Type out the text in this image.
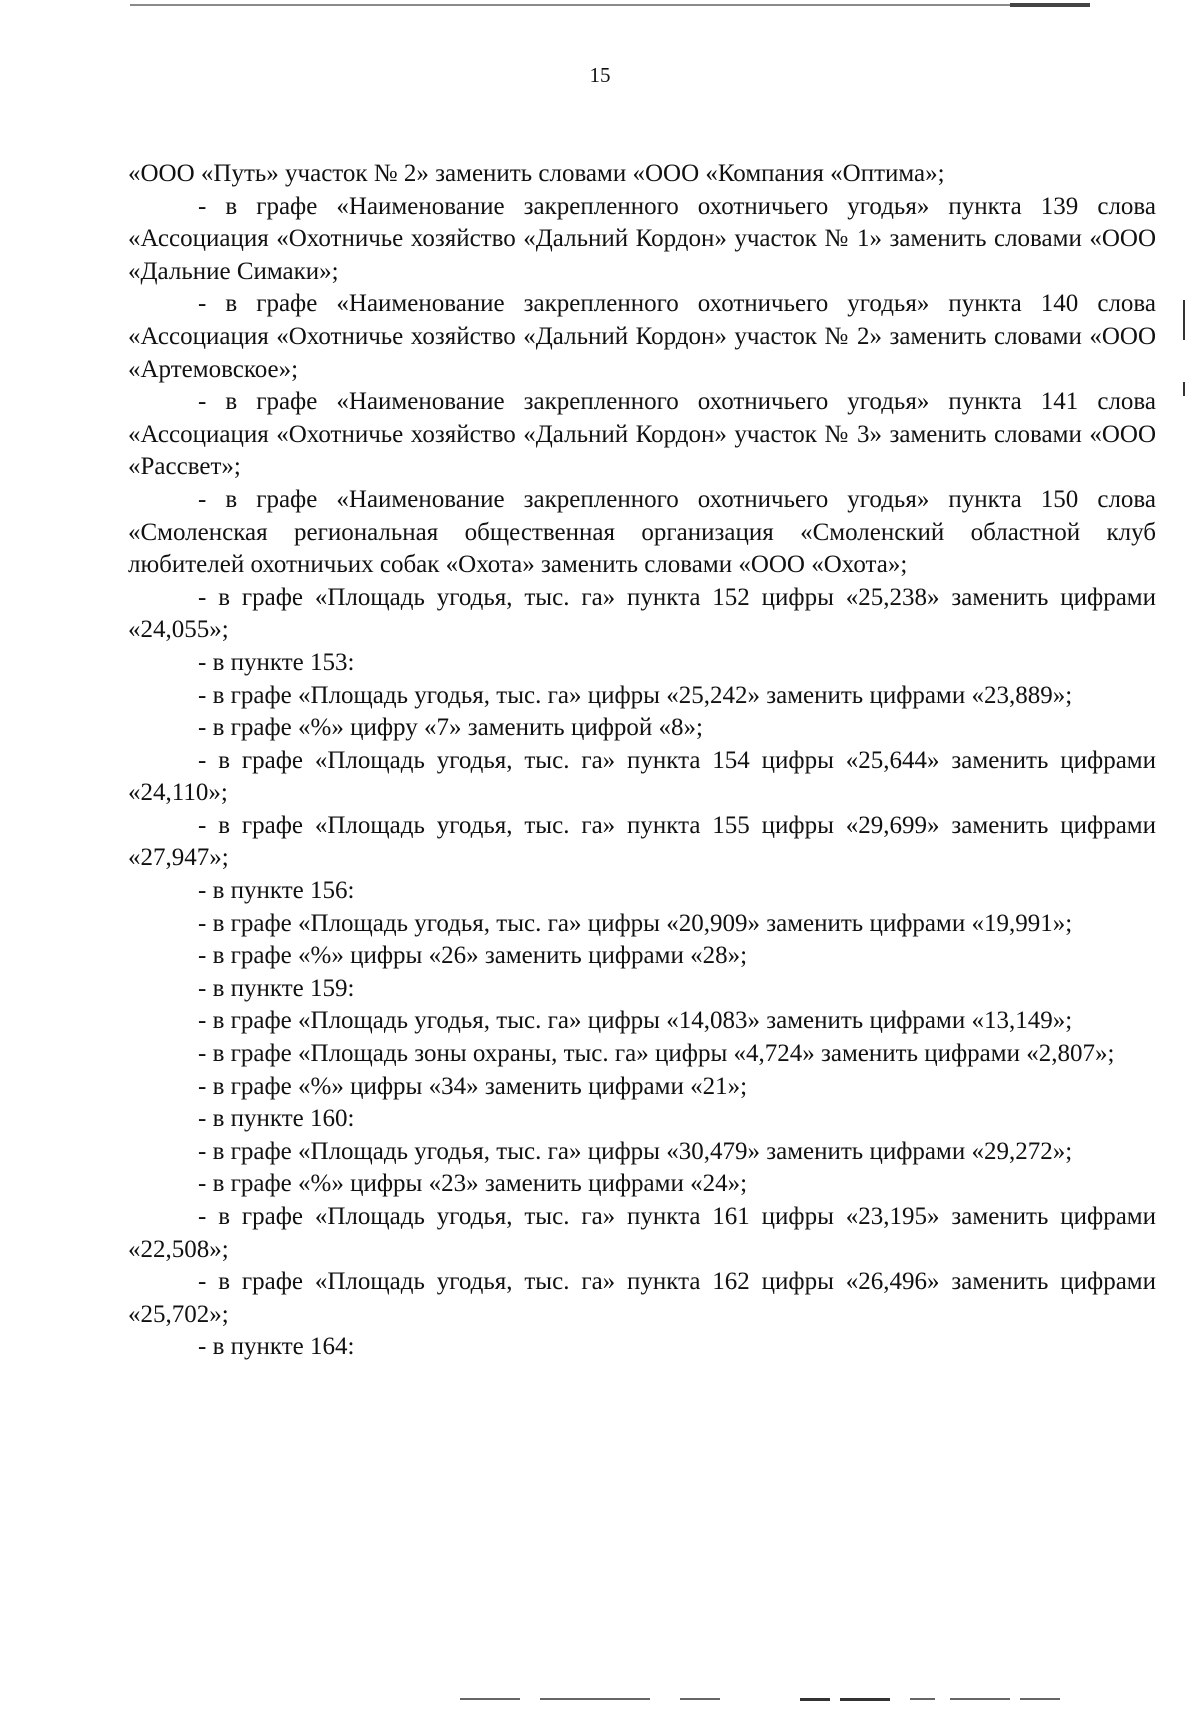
15

«ООО «Путь» участок № 2» заменить словами «ООО «Компания «Оптима»;

- в графе «Наименование закрепленного охотничьего угодья» пункта 139 слова «Ассоциация «Охотничье хозяйство «Дальний Кордон» участок № 1» заменить словами «ООО «Дальние Симаки»;

- в графе «Наименование закрепленного охотничьего угодья» пункта 140 слова «Ассоциация «Охотничье хозяйство «Дальний Кордон» участок № 2» заменить словами «ООО «Артемовское»;

- в графе «Наименование закрепленного охотничьего угодья» пункта 141 слова «Ассоциация «Охотничье хозяйство «Дальний Кордон» участок № 3» заменить словами «ООО «Рассвет»;

- в графе «Наименование закрепленного охотничьего угодья» пункта 150 слова «Смоленская региональная общественная организация «Смоленский областной клуб любителей охотничьих собак «Охота» заменить словами «ООО «Охота»;

- в графе «Площадь угодья, тыс. га» пункта 152 цифры «25,238» заменить цифрами «24,055»;

- в пункте 153:

- в графе «Площадь угодья, тыс. га» цифры «25,242» заменить цифрами «23,889»;

- в графе «%» цифру «7» заменить цифрой «8»;

- в графе «Площадь угодья, тыс. га» пункта 154 цифры «25,644» заменить цифрами «24,110»;

- в графе «Площадь угодья, тыс. га» пункта 155 цифры «29,699» заменить цифрами «27,947»;

- в пункте 156:

- в графе «Площадь угодья, тыс. га» цифры «20,909» заменить цифрами «19,991»;

- в графе «%» цифры «26» заменить цифрами «28»;

- в пункте 159:

- в графе «Площадь угодья, тыс. га» цифры «14,083» заменить цифрами «13,149»;

- в графе «Площадь зоны охраны, тыс. га» цифры «4,724» заменить цифрами «2,807»;

- в графе «%» цифры «34» заменить цифрами «21»;

- в пункте 160:

- в графе «Площадь угодья, тыс. га» цифры «30,479» заменить цифрами «29,272»;

- в графе «%» цифры «23» заменить цифрами «24»;

- в графе «Площадь угодья, тыс. га» пункта 161 цифры «23,195» заменить цифрами «22,508»;

- в графе «Площадь угодья, тыс. га» пункта 162 цифры «26,496» заменить цифрами «25,702»;

- в пункте 164:
